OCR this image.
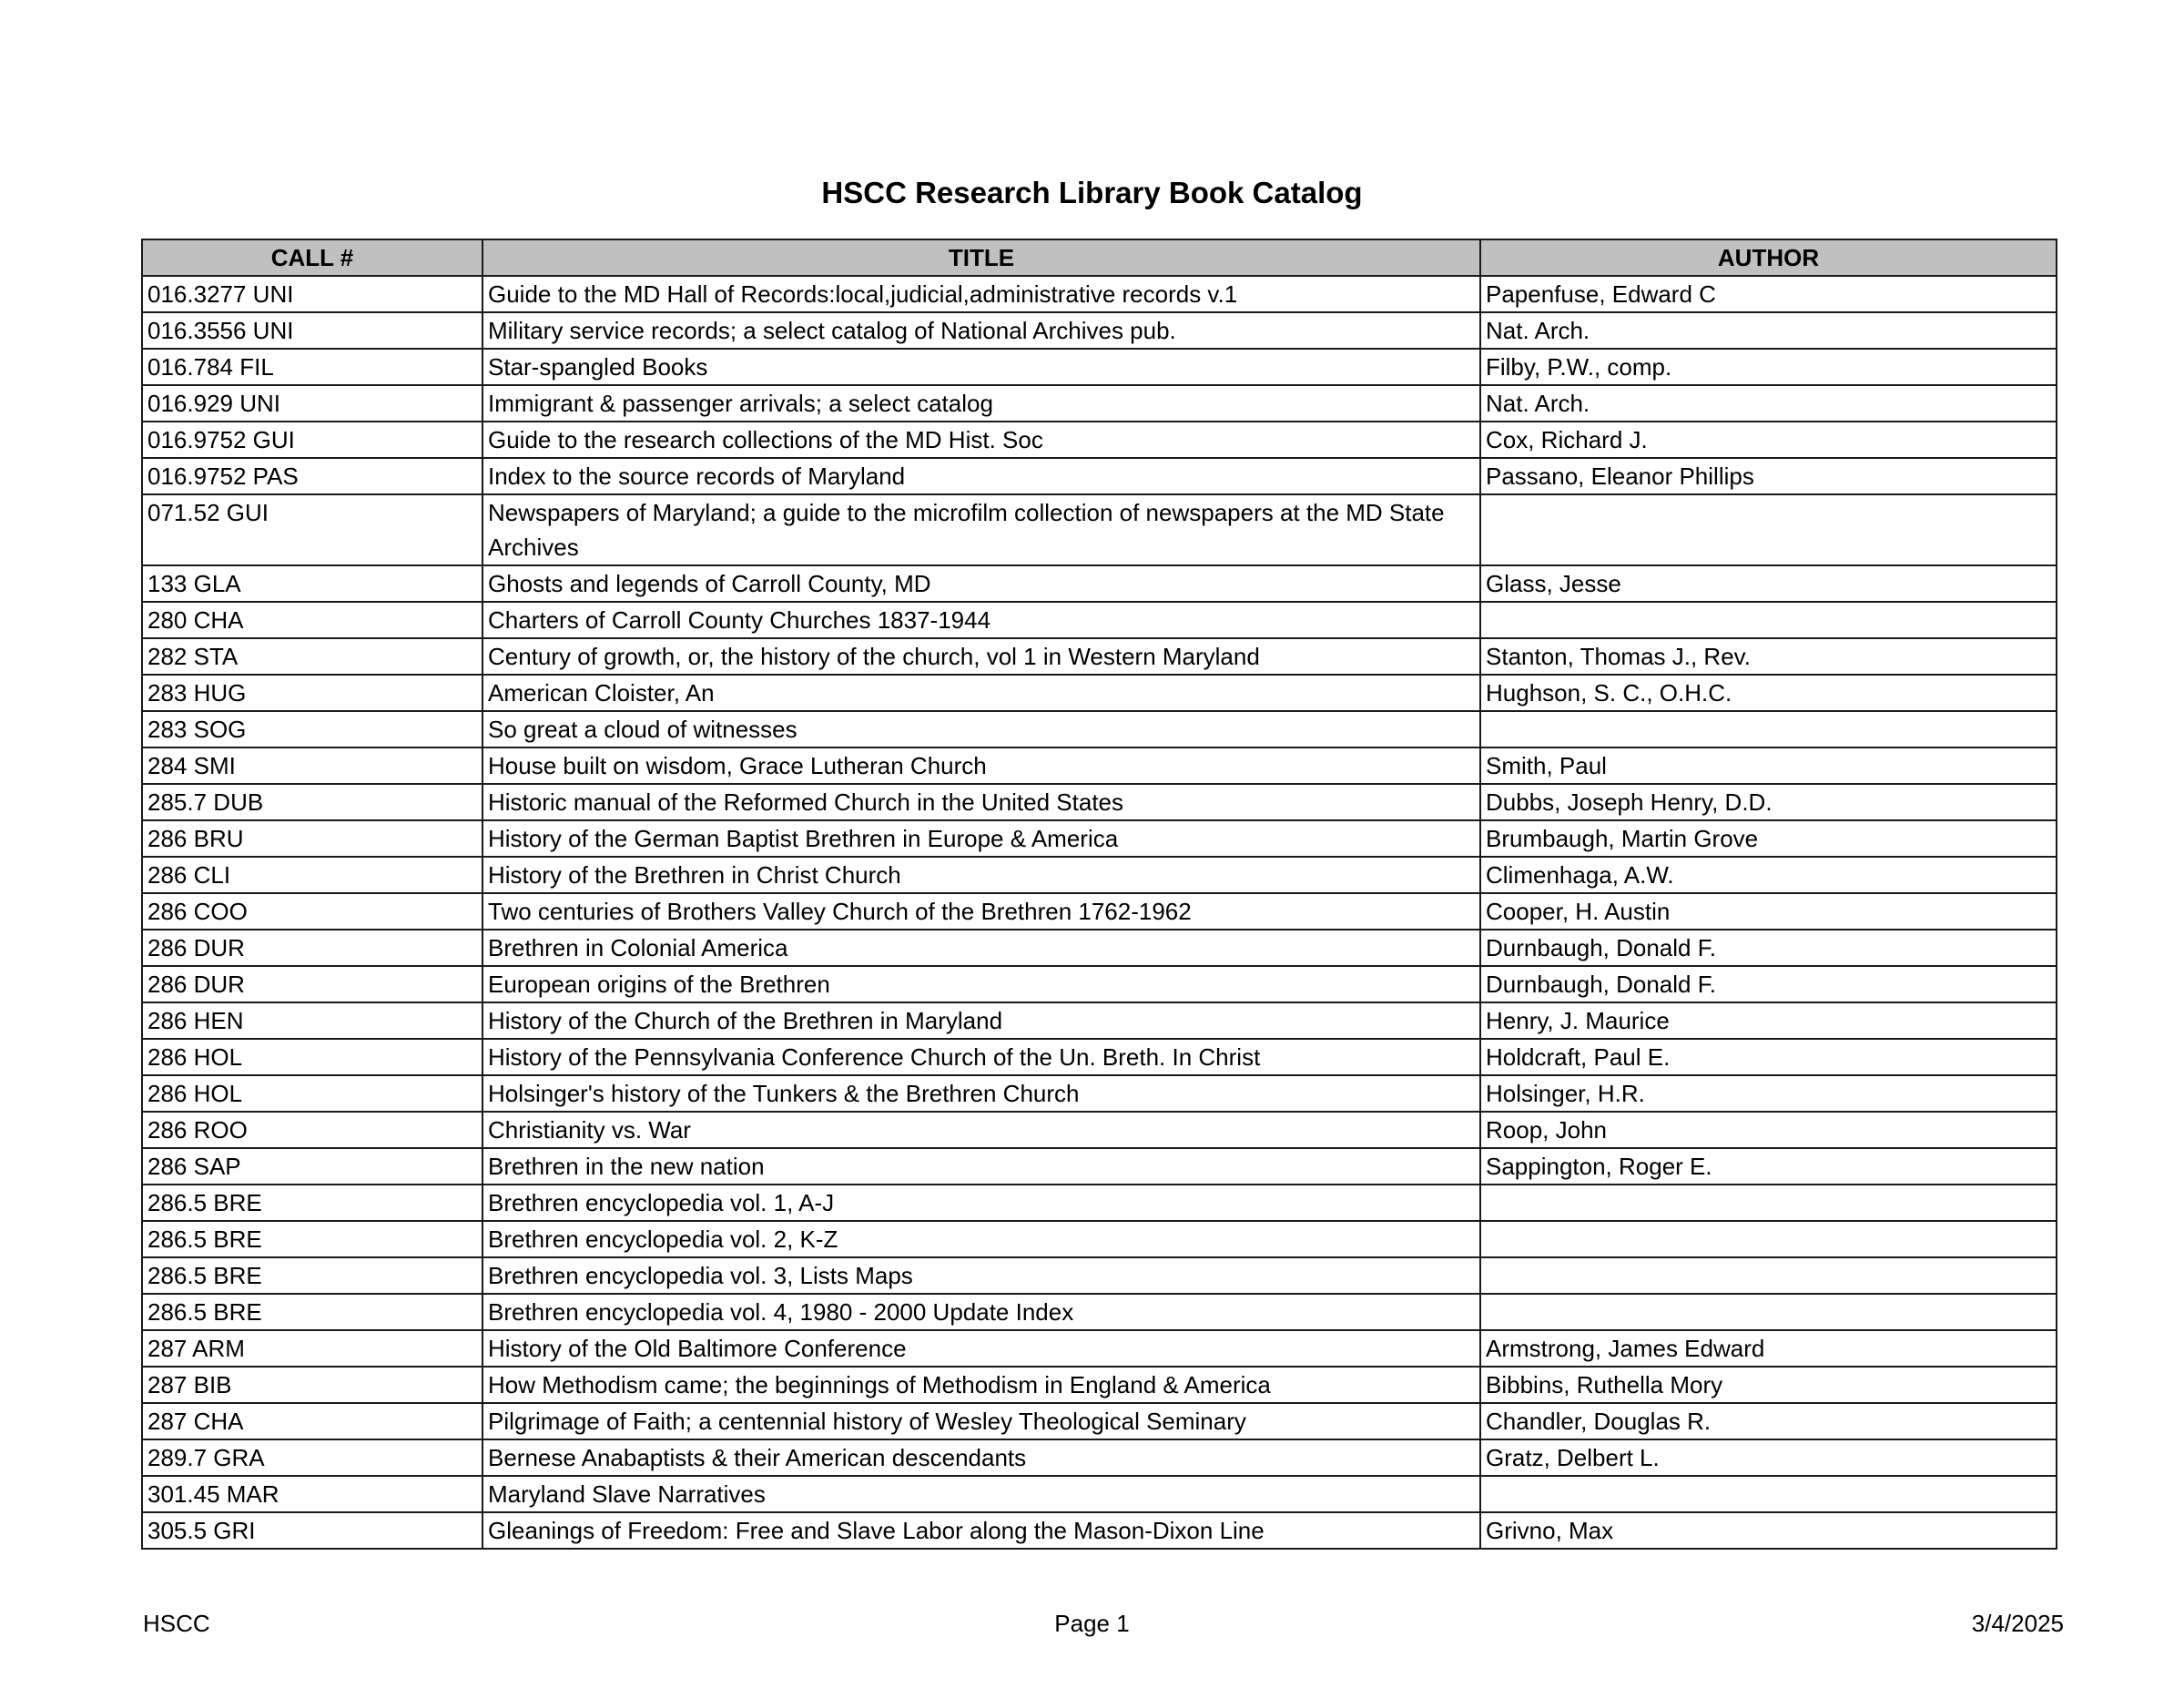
HSCC Research Library Book Catalog
CALL #	TITLE	AUTHOR
016.3277 UNI	Guide to the MD Hall of Records:local,judicial,administrative records v.1	Papenfuse, Edward C
016.3556 UNI	Military service records; a select catalog of National Archives pub.	Nat. Arch.
016.784 FIL	Star-spangled Books	Filby, P.W., comp.
016.929 UNI	Immigrant & passenger arrivals; a select catalog	Nat. Arch.
016.9752 GUI	Guide to the research collections of the MD Hist. Soc	Cox, Richard J.
016.9752 PAS	Index to the source records of Maryland	Passano, Eleanor Phillips
071.52 GUI	Newspapers of Maryland; a guide to the microfilm collection of newspapers at the MD State Archives	
133 GLA	Ghosts and legends of Carroll County, MD	Glass, Jesse
280 CHA	Charters of Carroll County Churches 1837-1944	
282 STA	Century of growth, or, the history of the church, vol 1 in Western Maryland	Stanton, Thomas J., Rev.
283 HUG	American Cloister, An	Hughson, S. C., O.H.C.
283 SOG	So great a cloud of witnesses	
284 SMI	House built on wisdom, Grace Lutheran Church	Smith, Paul
285.7 DUB	Historic manual of the Reformed Church in the United States	Dubbs, Joseph Henry, D.D.
286 BRU	History of the German Baptist Brethren in Europe & America	Brumbaugh, Martin Grove
286 CLI	History of the Brethren in Christ Church	Climenhaga, A.W.
286 COO	Two centuries of Brothers Valley Church of the Brethren 1762-1962	Cooper, H. Austin
286 DUR	Brethren in Colonial America	Durnbaugh, Donald F.
286 DUR	European origins of the Brethren	Durnbaugh, Donald F.
286 HEN	History of the Church of the Brethren in Maryland	Henry, J. Maurice
286 HOL	History of the Pennsylvania Conference Church of the Un. Breth. In Christ	Holdcraft, Paul E.
286 HOL	Holsinger's history of the Tunkers & the Brethren Church	Holsinger, H.R.
286 ROO	Christianity vs. War	Roop, John
286 SAP	Brethren in the new nation	Sappington, Roger E.
286.5 BRE	Brethren encyclopedia vol. 1, A-J	
286.5 BRE	Brethren encyclopedia vol. 2, K-Z	
286.5 BRE	Brethren encyclopedia vol. 3, Lists Maps	
286.5 BRE	Brethren encyclopedia vol. 4, 1980 - 2000 Update Index	
287 ARM	History of the Old Baltimore Conference	Armstrong, James Edward
287 BIB	How Methodism came; the beginnings of Methodism in England & America	Bibbins, Ruthella Mory
287 CHA	Pilgrimage of Faith; a centennial history of Wesley Theological Seminary	Chandler, Douglas R.
289.7 GRA	Bernese Anabaptists & their American descendants	Gratz, Delbert L.
301.45 MAR	Maryland Slave Narratives	
305.5 GRI	Gleanings of Freedom: Free and Slave Labor along the Mason-Dixon Line	Grivno, Max
HSCC	Page 1	3/4/2025
